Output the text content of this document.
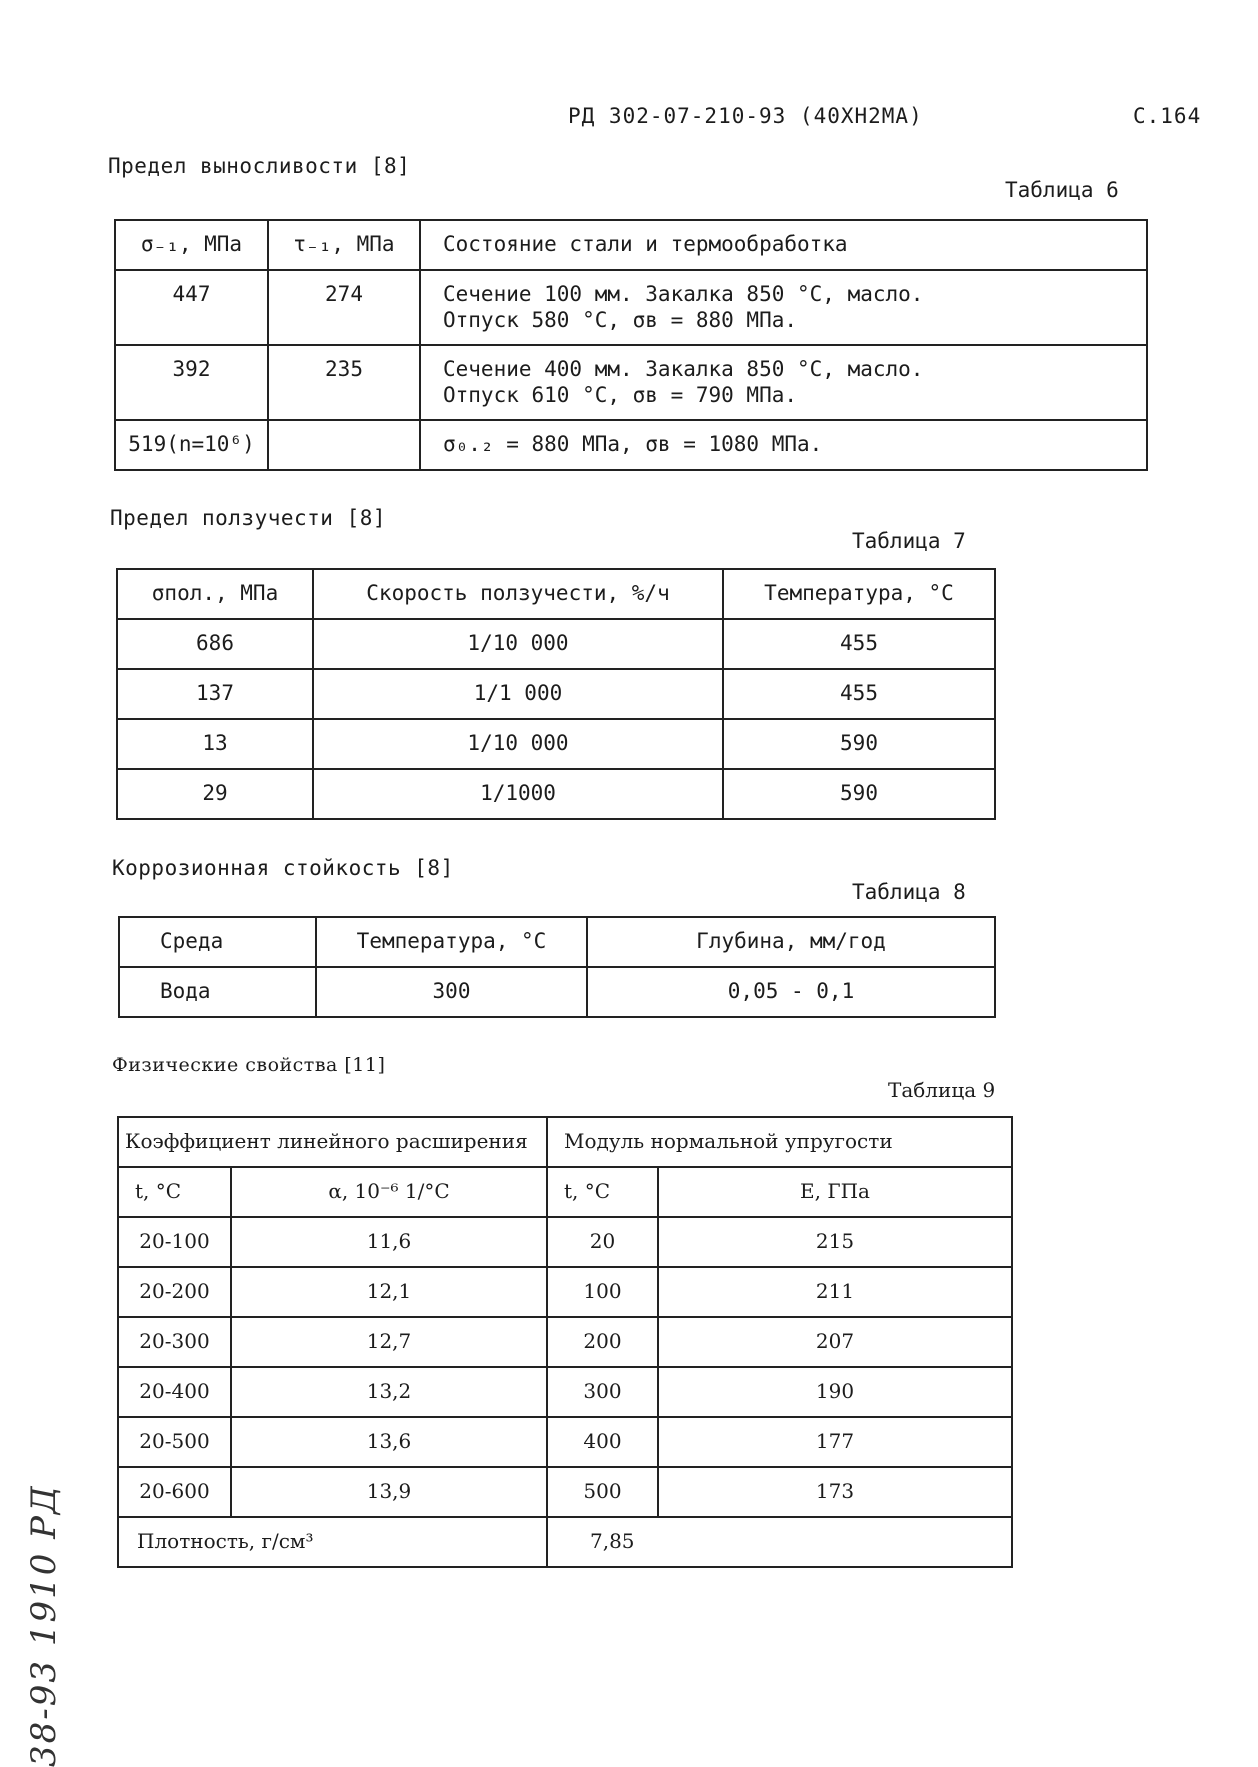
РД 302-07-210-93 (40ХН2МА)	С.164
Предел выносливости [8]
Таблица 6
σ₋₁, МПа	τ₋₁, МПа	Состояние стали и термообработка

447	274	Сечение 100 мм. Закалка 850 °С, масло.
Отпуск 580 °С, σв = 880 МПа.

392	235	Сечение 400 мм. Закалка 850 °С, масло.
Отпуск 610 °С, σв = 790 МПа.

519(n=10⁶)		σ₀.₂ = 880 МПа, σв = 1080 МПа.
Предел ползучести [8]
Таблица 7
σпол., МПа	Скорость ползучести, %/ч	Температура, °С

686	1/10 000	455

137	1/1 000	455

13	1/10 000	590

29	1/1000	590
Коррозионная стойкость [8]
Таблица 8
Среда	Температура, °С	Глубина, мм/год

Вода	300	0,05 - 0,1
Физические свойства [11]
Таблица 9
Коэффициент линейного расширения		Модуль нормальной упругости	

t, °С	α, 10⁻⁶ 1/°С	t, °С	Е, ГПа

20-100	11,6	20	215

20-200	12,1	100	211

20-300	12,7	200	207

20-400	13,2	300	190

20-500	13,6	400	177

20-600	13,9	500	173

Плотность, г/см³		7,85	
38-93 1910 РД
